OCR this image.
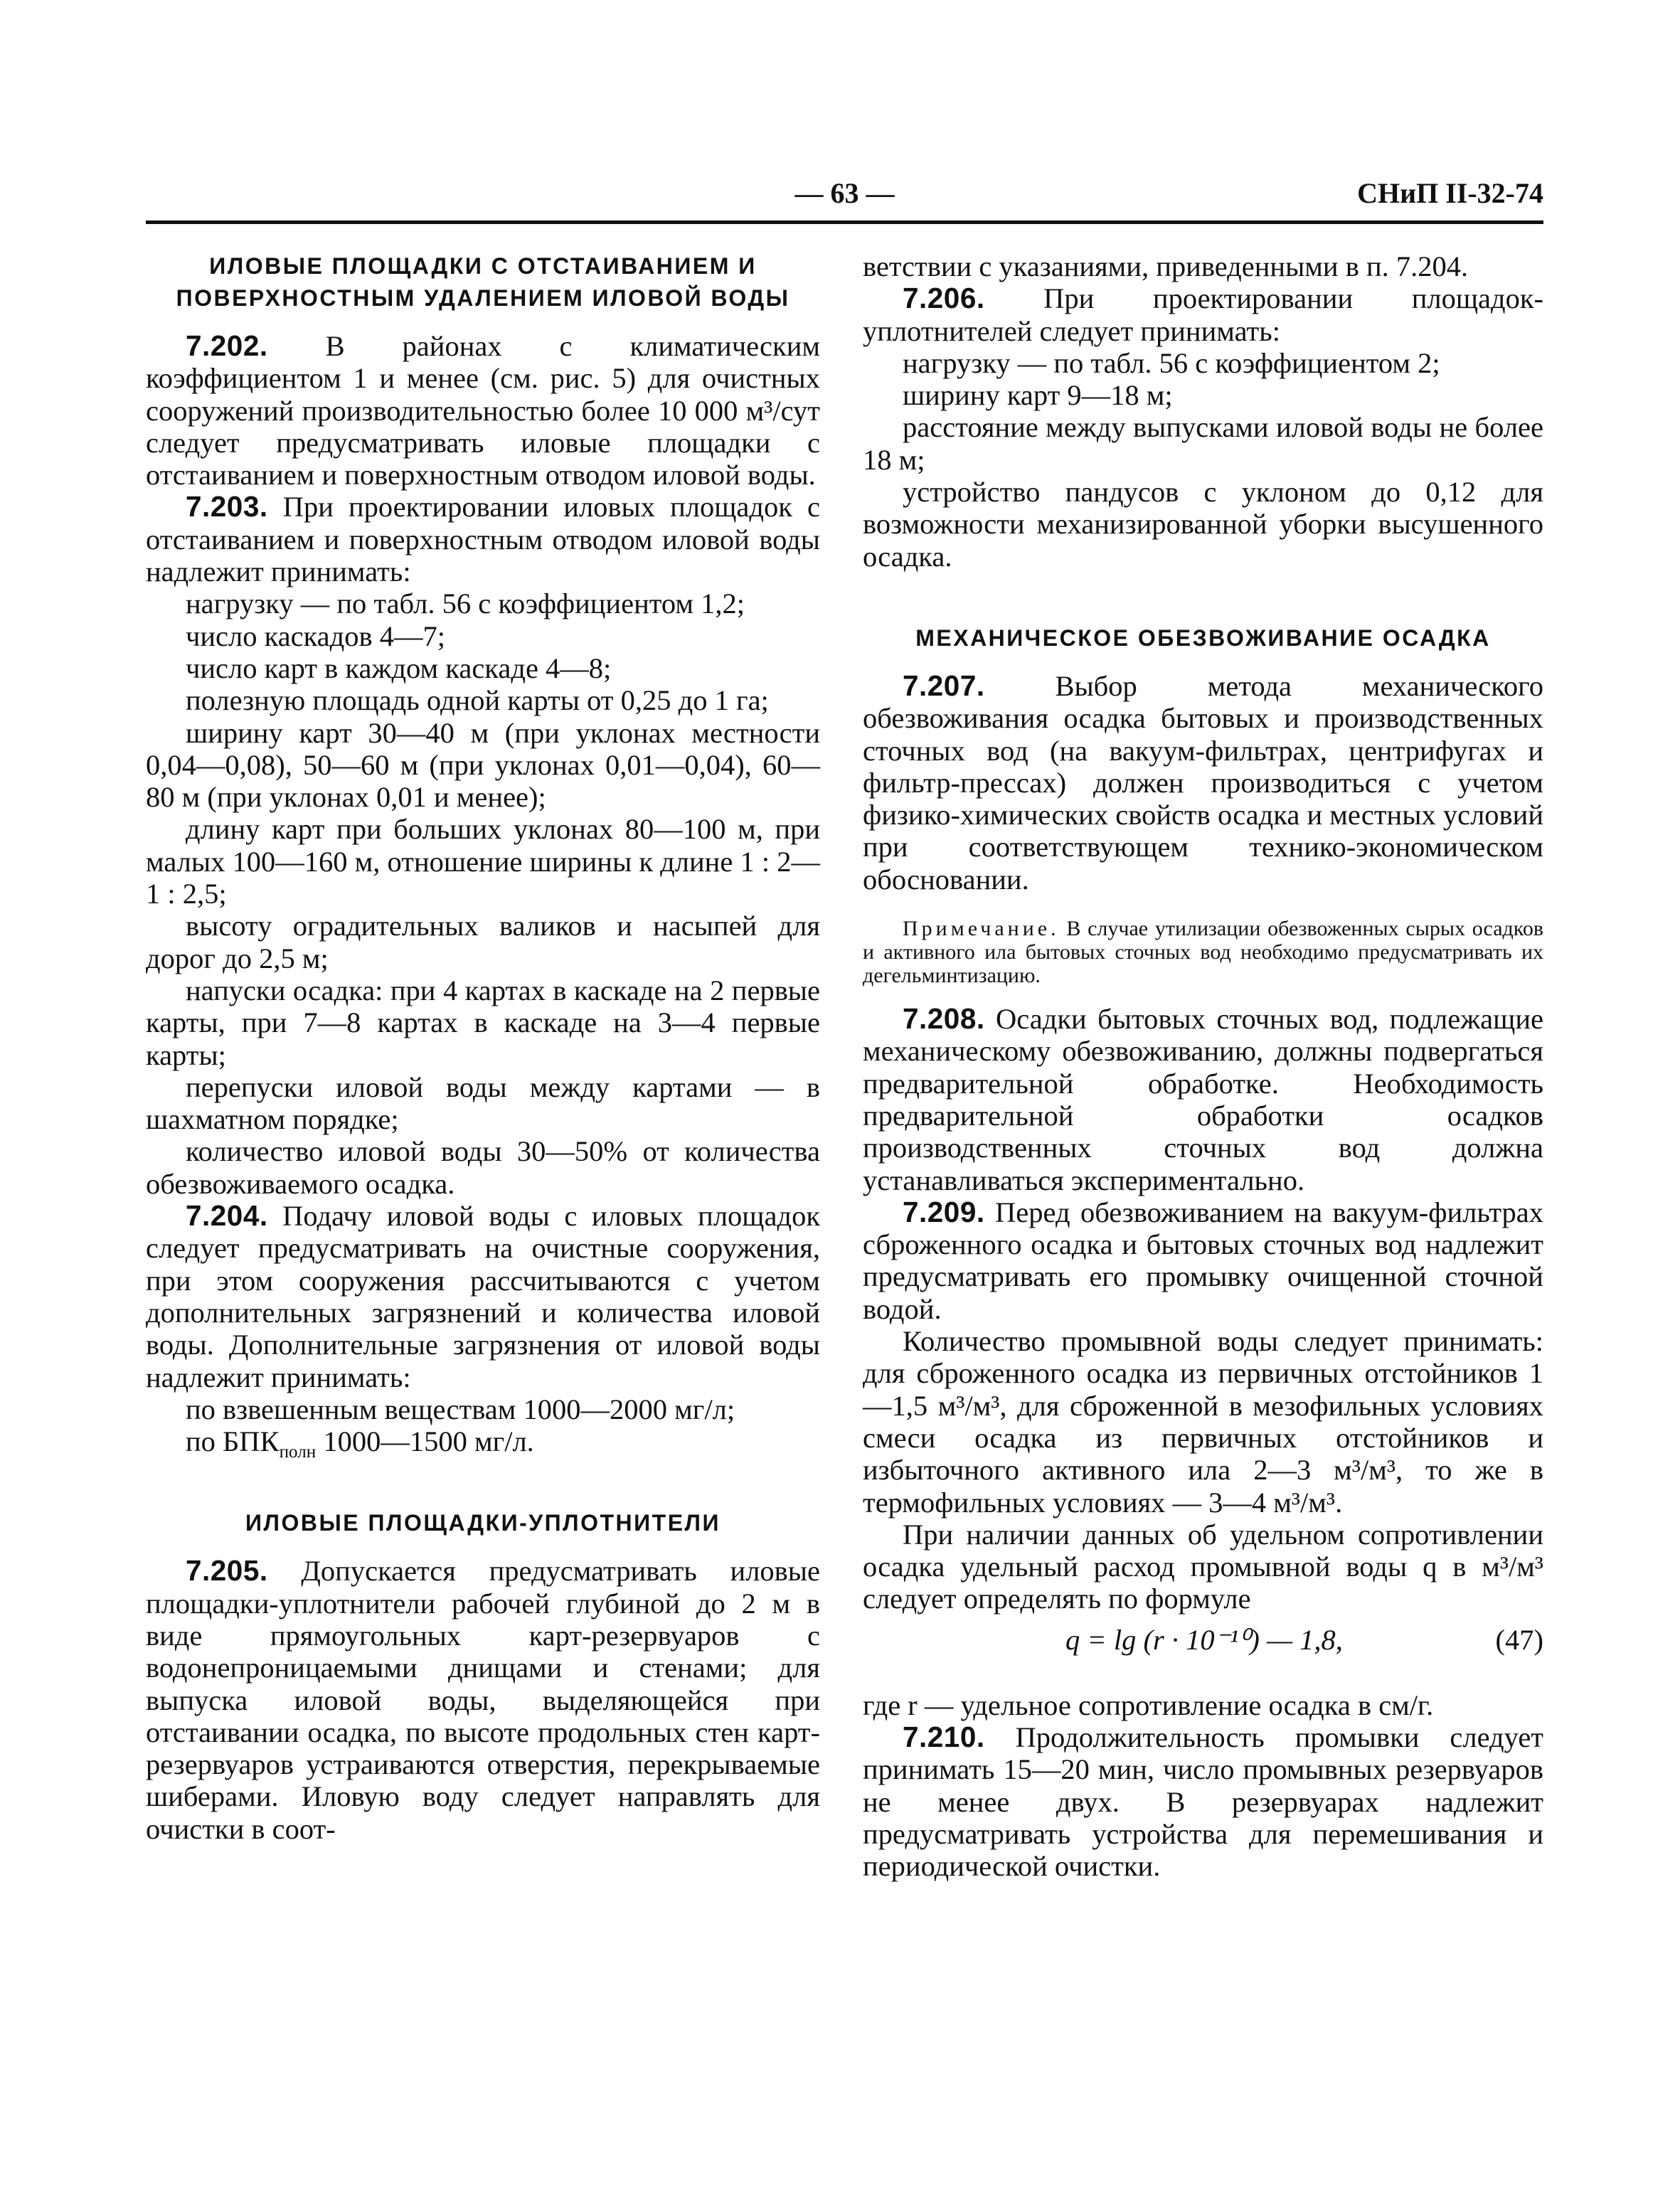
— 63 —	СНиП II-32-74
ИЛОВЫЕ ПЛОЩАДКИ С ОТСТАИВАНИЕМ И
ПОВЕРХНОСТНЫМ УДАЛЕНИЕМ ИЛОВОЙ ВОДЫ

7.202. В районах с климатическим коэффициентом 1 и менее (см. рис. 5) для очистных сооружений производительностью более 10 000 м³/сут следует предусматривать иловые площадки с отстаиванием и поверхностным отводом иловой воды.

7.203. При проектировании иловых площадок с отстаиванием и поверхностным отводом иловой воды надлежит принимать:

нагрузку — по табл. 56 с коэффициентом 1,2;

число каскадов 4—7;

число карт в каждом каскаде 4—8;

полезную площадь одной карты от 0,25 до 1 га;

ширину карт 30—40 м (при уклонах местности 0,04—0,08), 50—60 м (при уклонах 0,01—0,04), 60—80 м (при уклонах 0,01 и менее);

длину карт при больших уклонах 80—100 м, при малых 100—160 м, отношение ширины к длине 1 : 2—1 : 2,5;

высоту оградительных валиков и насыпей для дорог до 2,5 м;

напуски осадка: при 4 картах в каскаде на 2 первые карты, при 7—8 картах в каскаде на 3—4 первые карты;

перепуски иловой воды между картами — в шахматном порядке;

количество иловой воды 30—50% от количества обезвоживаемого осадка.

7.204. Подачу иловой воды с иловых площадок следует предусматривать на очистные сооружения, при этом сооружения рассчитываются с учетом дополнительных загрязнений и количества иловой воды. Дополнительные загрязнения от иловой воды надлежит принимать:

по взвешенным веществам 1000—2000 мг/л;

по $БПК_{полн}$ 1000—1500 мг/л.

ИЛОВЫЕ ПЛОЩАДКИ-УПЛОТНИТЕЛИ

7.205. Допускается предусматривать иловые площадки-уплотнители рабочей глубиной до 2 м в виде прямоугольных карт-резервуаров с водонепроницаемыми днищами и стенами; для выпуска иловой воды, выделяющейся при отстаивании осадка, по высоте продольных стен карт-резервуаров устраиваются отверстия, перекрываемые шиберами. Иловую воду следует направлять для очистки в соот-

ветствии с указаниями, приведенными в п. 7.204.

7.206. При проектировании площадок-уплотнителей следует принимать:

нагрузку — по табл. 56 с коэффициентом 2;

ширину карт 9—18 м;

расстояние между выпусками иловой воды не более 18 м;

устройство пандусов с уклоном до 0,12 для возможности механизированной уборки высушенного осадка.

МЕХАНИЧЕСКОЕ ОБЕЗВОЖИВАНИЕ ОСАДКА

7.207. Выбор метода механического обезвоживания осадка бытовых и производственных сточных вод (на вакуум-фильтрах, центрифугах и фильтр-прессах) должен производиться с учетом физико-химических свойств осадка и местных условий при соответствующем технико-экономическом обосновании.

Примечание. В случае утилизации обезвоженных сырых осадков и активного ила бытовых сточных вод необходимо предусматривать их дегельминтизацию.

7.208. Осадки бытовых сточных вод, подлежащие механическому обезвоживанию, должны подвергаться предварительной обработке. Необходимость предварительной обработки осадков производственных сточных вод должна устанавливаться экспериментально.

7.209. Перед обезвоживанием на вакуум-фильтрах сброженного осадка и бытовых сточных вод надлежит предусматривать его промывку очищенной сточной водой.

Количество промывной воды следует принимать: для сброженного осадка из первичных отстойников 1—1,5 м³/м³, для сброженной в мезофильных условиях смеси осадка из первичных отстойников и избыточного активного ила 2—3 м³/м³, то же в термофильных условиях — 3—4 м³/м³.

При наличии данных об удельном сопротивлении осадка удельный расход промывной воды q в м³/м³ следует определять по формуле

q = lg (r · 10⁻¹⁰) — 1,8,	(47)

где r — удельное сопротивление осадка в см/г.

7.210. Продолжительность промывки следует принимать 15—20 мин, число промывных резервуаров не менее двух. В резервуарах надлежит предусматривать устройства для перемешивания и периодической очистки.
